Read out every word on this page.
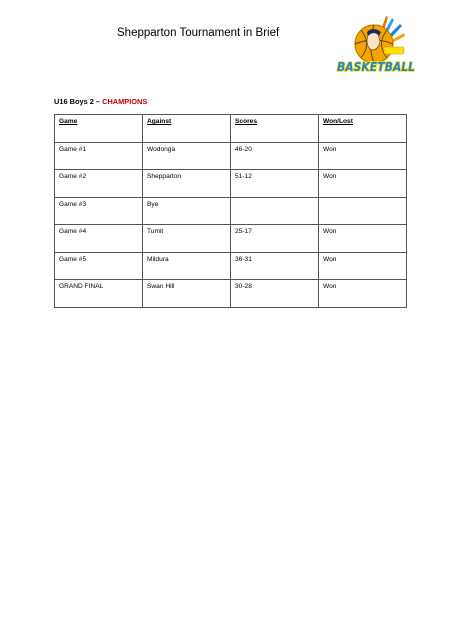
Shepparton Tournament in Brief
BASKETBALL
U16 Boys 2 – CHAMPIONS
Game	Against	Scores	Won/Lost
Game #1	Wodonga	46-20	Won
Game #2	Shepparton	51-12	Won
Game #3	Bye		
Game #4	Tumit	25-17	Won
Game #5	Mildura	36-31	Won
GRAND FINAL	Swan Hill	30-28	Won
